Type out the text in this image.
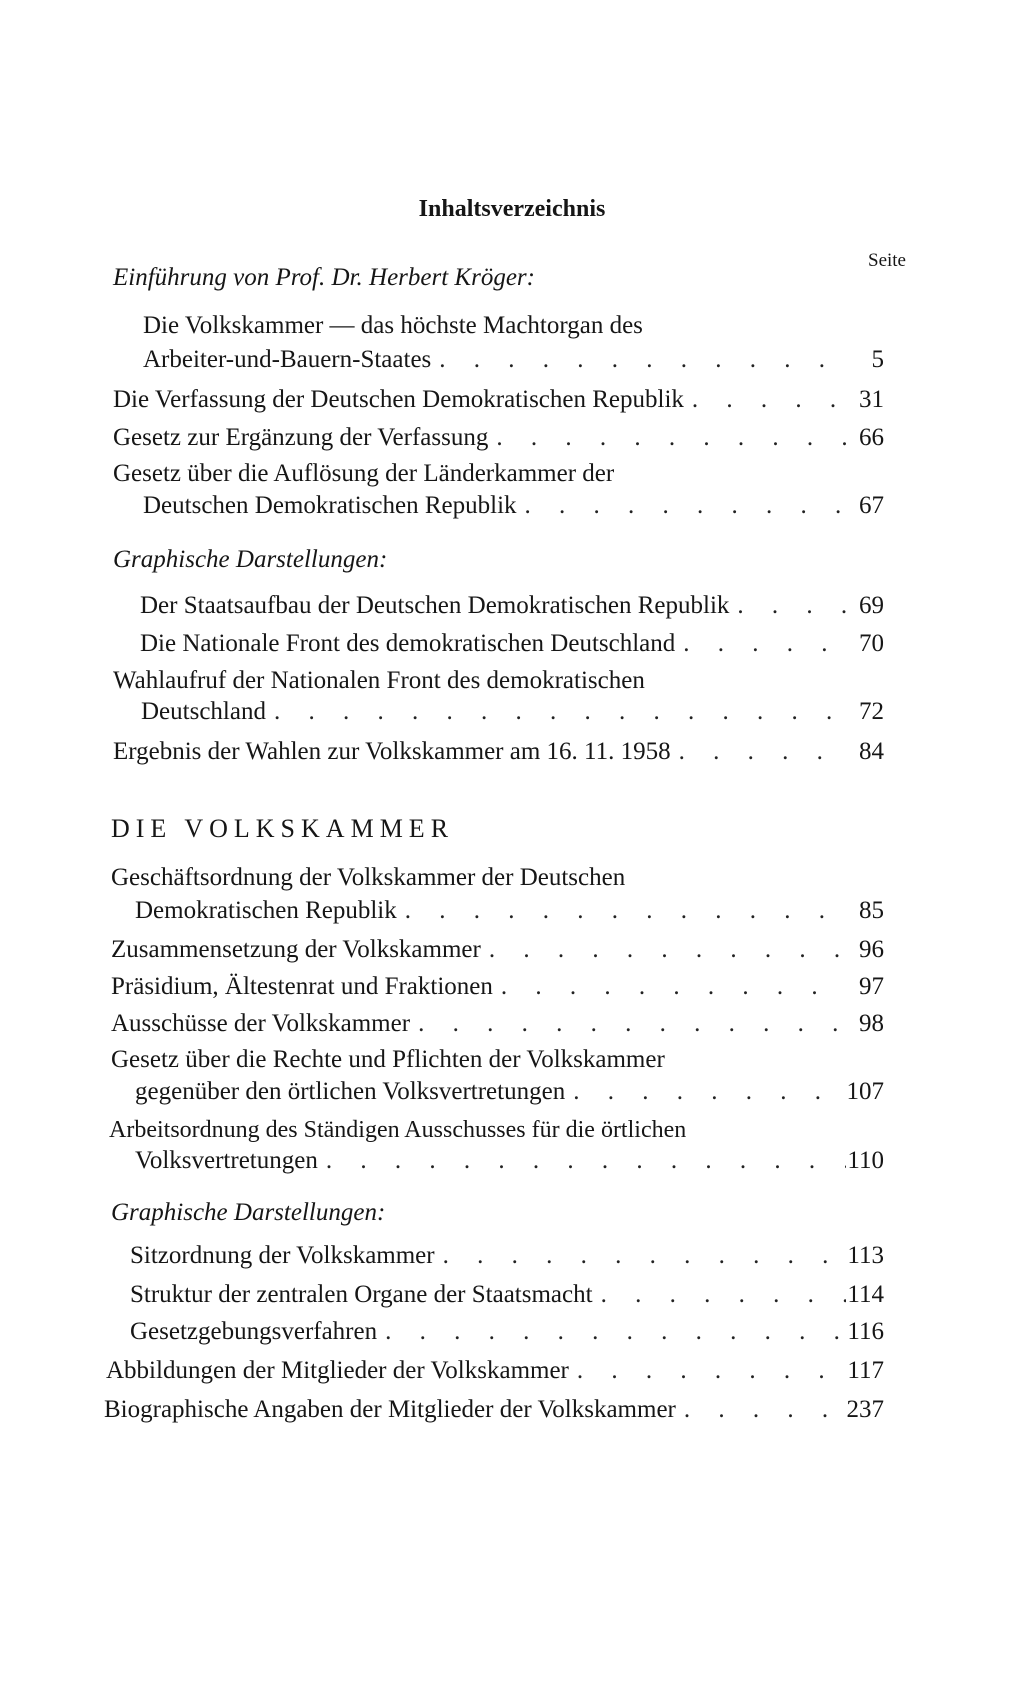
Inhaltsverzeichnis
Seite
Einführung von Prof. Dr. Herbert Kröger:
Die Volkskammer — das höchste Machtorgan des
Arbeiter-und-Bauern-Staates . . .	5
Die Verfassung der Deutschen Demokratischen Republik . . .	31
Gesetz zur Ergänzung der Verfassung . . .	66
Gesetz über die Auflösung der Länderkammer der
Deutschen Demokratischen Republik . . .	67
Graphische Darstellungen:
Der Staatsaufbau der Deutschen Demokratischen Republik . . .	69
Die Nationale Front des demokratischen Deutschland . . .	70
Wahlaufruf der Nationalen Front des demokratischen
Deutschland . . .	72
Ergebnis der Wahlen zur Volkskammer am 16. 11. 1958 . . .	84
DIE VOLKSKAMMER
Geschäftsordnung der Volkskammer der Deutschen
Demokratischen Republik . . .	85
Zusammensetzung der Volkskammer . . .	96
Präsidium, Ältestenrat und Fraktionen . . .	97
Ausschüsse der Volkskammer . . .	98
Gesetz über die Rechte und Pflichten der Volkskammer
gegenüber den örtlichen Volksvertretungen . . .	107
Arbeitsordnung des Ständigen Ausschusses für die örtlichen
Volksvertretungen . . .	110
Graphische Darstellungen:
Sitzordnung der Volkskammer . . .	113
Struktur der zentralen Organe der Staatsmacht . . .	114
Gesetzgebungsverfahren . . .	116
Abbildungen der Mitglieder der Volkskammer . . .	117
Biographische Angaben der Mitglieder der Volkskammer . . .	237
